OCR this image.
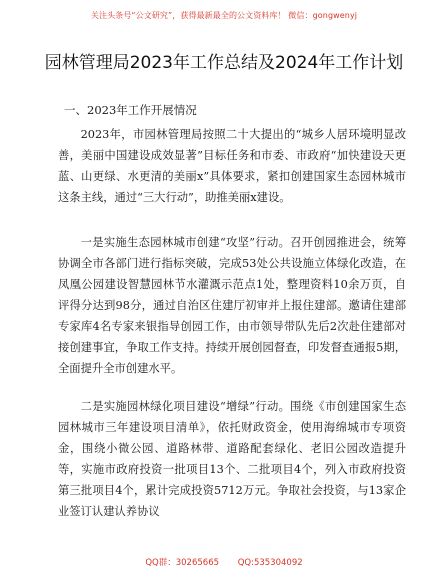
关注头条号“公文研究”，获得最新最全的公文资料库！ 微信：gongwenyj
园林管理局2023年工作总结及2024年工作计划
一、2023年工作开展情况

2023年，市园林管理局按照二十大提出的“城乡人居环境明显改善，美丽中国建设成效显著”目标任务和市委、市政府“加快建设天更蓝、山更绿、水更清的美丽x”具体要求，紧扣创建国家生态园林城市这条主线，通过“三大行动”，助推美丽x建设。

一是实施生态园林城市创建“攻坚”行动。召开创园推进会，统筹协调全市各部门进行指标突破，完成53处公共设施立体绿化改造，在凤凰公园建设智慧园林节水灌溉示范点1处，整理资料10余万页，自评得分达到98分，通过自治区住建厅初审并上报住建部。邀请住建部专家库4名专家来银指导创园工作，由市领导带队先后2次赴住建部对接创建事宜，争取工作支持。持续开展创园督查，印发督查通报5期，全面提升全市创建水平。

二是实施园林绿化项目建设“增绿”行动。围绕《市创建国家生态园林城市三年建设项目清单》，依托财政资金，使用海绵城市专项资金，围绕小微公园、道路林带、道路配套绿化、老旧公园改造提升等，实施市政府投资一批项目13个、二批项目4个，列入市政府投资第三批项目4个，累计完成投资5712万元。争取社会投资，与13家企业签订认建认养协议

QQ群：30265665 QQ:535304092
